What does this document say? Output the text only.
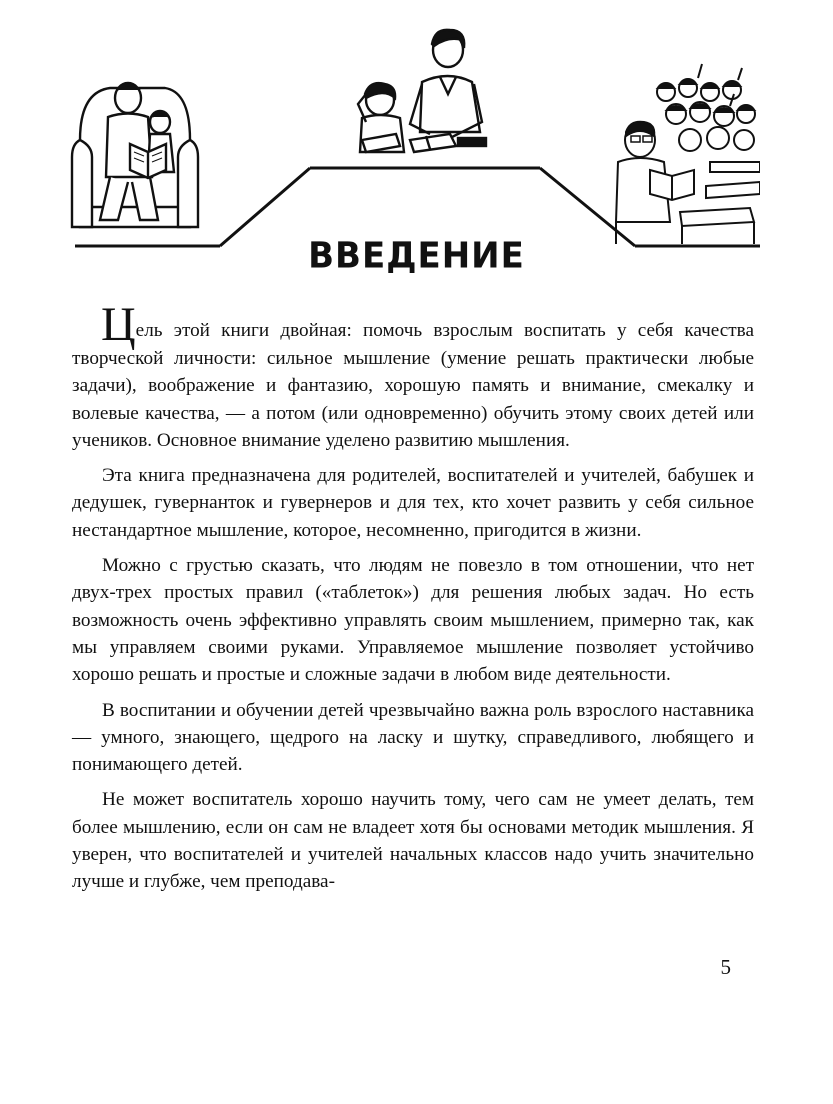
ВВЕДЕНИЕ

Цель этой книги двойная: помочь взрослым воспитать у себя качества творческой личности: сильное мышление (умение решать практически любые задачи), воображение и фантазию, хорошую память и внимание, смекалку и волевые качества, — а потом (или одновременно) обучить этому своих детей или учеников. Основное внимание уделено развитию мышления.

Эта книга предназначена для родителей, воспитателей и учителей, бабушек и дедушек, гувернанток и гувернеров и для тех, кто хочет развить у себя сильное нестандартное мышление, которое, несомненно, пригодится в жизни.

Можно с грустью сказать, что людям не повезло в том отношении, что нет двух-трех простых правил («таблеток») для решения любых задач. Но есть возможность очень эффективно управлять своим мышлением, примерно так, как мы управляем своими руками. Управляемое мышление позволяет устойчиво хорошо решать и простые и сложные задачи в любом виде деятельности.

В воспитании и обучении детей чрезвычайно важна роль взрослого наставника — умного, знающего, щедрого на ласку и шутку, справедливого, любящего и понимающего детей.

Не может воспитатель хорошо научить тому, чего сам не умеет делать, тем более мышлению, если он сам не владеет хотя бы основами методик мышления. Я уверен, что воспитателей и учителей начальных классов надо учить значительно лучше и глубже, чем преподава-

5
